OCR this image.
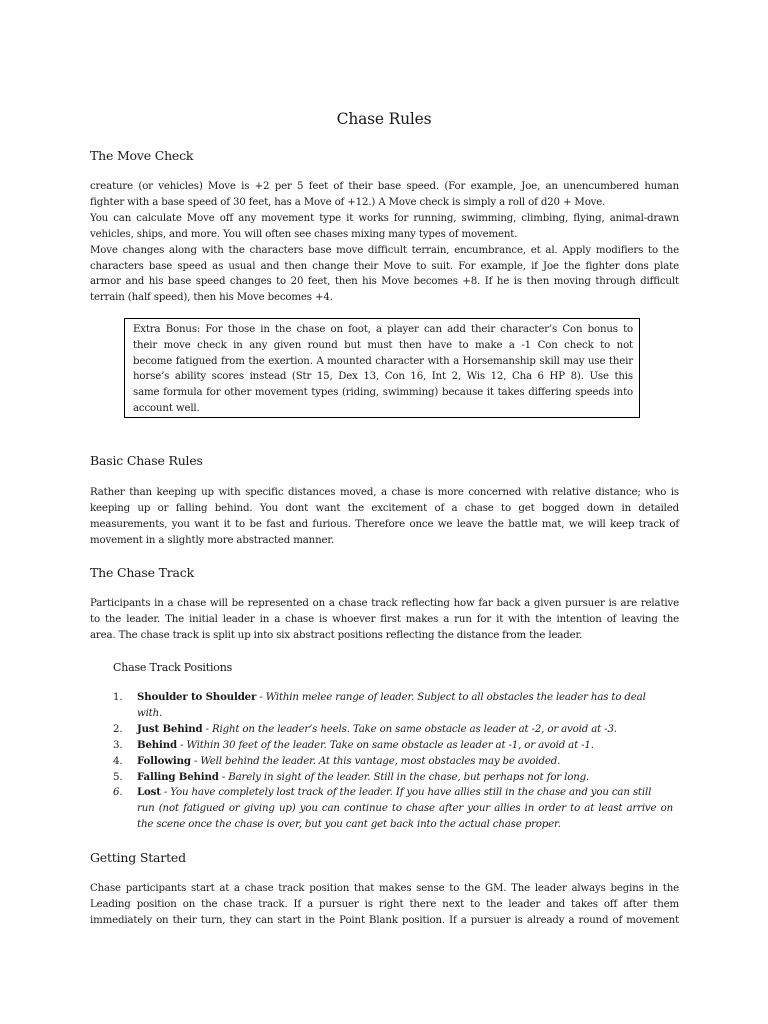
Chase Rules
The Move Check
creature (or vehicles) Move is +2 per 5 feet of their base speed. (For example, Joe, an unencumbered human
fighter with a base speed of 30 feet, has a Move of +12.) A Move check is simply a roll of d20 + Move.
You can calculate Move off any movement type it works for running, swimming, climbing, flying, animal-drawn
vehicles, ships, and more. You will often see chases mixing many types of movement.
Move changes along with the characters base move difficult terrain, encumbrance, et al. Apply modifiers to the
characters base speed as usual and then change their Move to suit. For example, if Joe the fighter dons plate
armor and his base speed changes to 20 feet, then his Move becomes +8. If he is then moving through difficult
terrain (half speed), then his Move becomes +4.
Extra Bonus: For those in the chase on foot, a player can add their character’s Con bonus to
their move check in any given round but must then have to make a -1 Con check to not
become fatigued from the exertion. A mounted character with a Horsemanship skill may use their
horse’s ability scores instead (Str 15, Dex 13, Con 16, Int 2, Wis 12, Cha 6 HP 8). Use this
same formula for other movement types (riding, swimming) because it takes differing speeds into
account well.
Basic Chase Rules
Rather than keeping up with specific distances moved, a chase is more concerned with relative distance; who is
keeping up or falling behind. You dont want the excitement of a chase to get bogged down in detailed
measurements, you want it to be fast and furious. Therefore once we leave the battle mat, we will keep track of
movement in a slightly more abstracted manner.
The Chase Track
Participants in a chase will be represented on a chase track reflecting how far back a given pursuer is are relative
to the leader. The initial leader in a chase is whoever first makes a run for it with the intention of leaving the
area. The chase track is split up into six abstract positions reflecting the distance from the leader.
Chase Track Positions
1. Shoulder to Shoulder - Within melee range of leader. Subject to all obstacles the leader has to deal with.
2. Just Behind - Right on the leader’s heels. Take on same obstacle as leader at -2, or avoid at -3.
3. Behind - Within 30 feet of the leader. Take on same obstacle as leader at -1, or avoid at -1.
4. Following - Well behind the leader. At this vantage, most obstacles may be avoided.
5. Falling Behind - Barely in sight of the leader. Still in the chase, but perhaps not for long.
6. Lost - You have completely lost track of the leader. If you have allies still in the chase and you can still
run (not fatigued or giving up) you can continue to chase after your allies in order to at least arrive on
the scene once the chase is over, but you cant get back into the actual chase proper.
Getting Started
Chase participants start at a chase track position that makes sense to the GM. The leader always begins in the
Leading position on the chase track. If a pursuer is right there next to the leader and takes off after them
immediately on their turn, they can start in the Point Blank position. If a pursuer is already a round of movement
